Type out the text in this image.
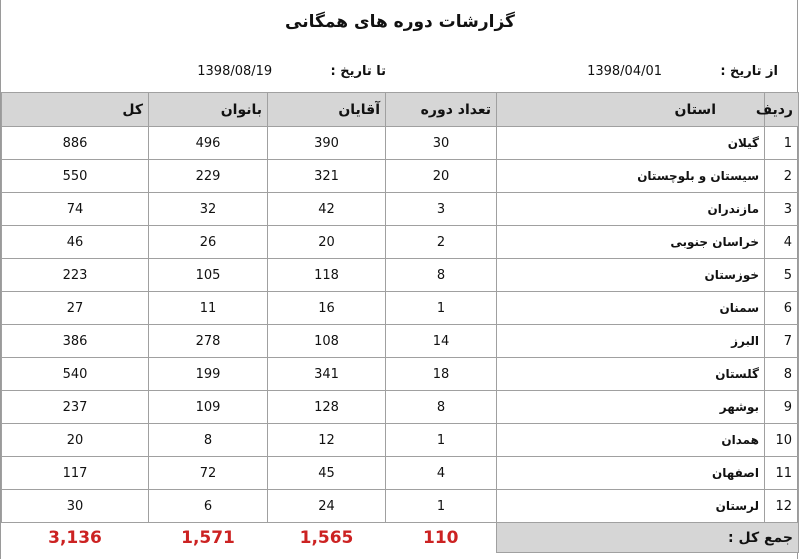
گزارشات دوره های همگانی
از تاریخ :  1398/04/01
تا تاریخ :  1398/08/19
ردیف	استان	تعداد دوره	آقایان	بانوان	کل
1	گیلان	30	390	496	886
2	سیستان و بلوچستان	20	321	229	550
3	مازندران	3	42	32	74
4	خراسان جنوبی	2	20	26	46
5	خوزستان	8	118	105	223
6	سمنان	1	16	11	27
7	البرز	14	108	278	386
8	گلستان	18	341	199	540
9	بوشهر	8	128	109	237
10	همدان	1	12	8	20
11	اصفهان	4	45	72	117
12	لرستان	1	24	6	30
جمع کل :		110	1,565	1,571	3,136
